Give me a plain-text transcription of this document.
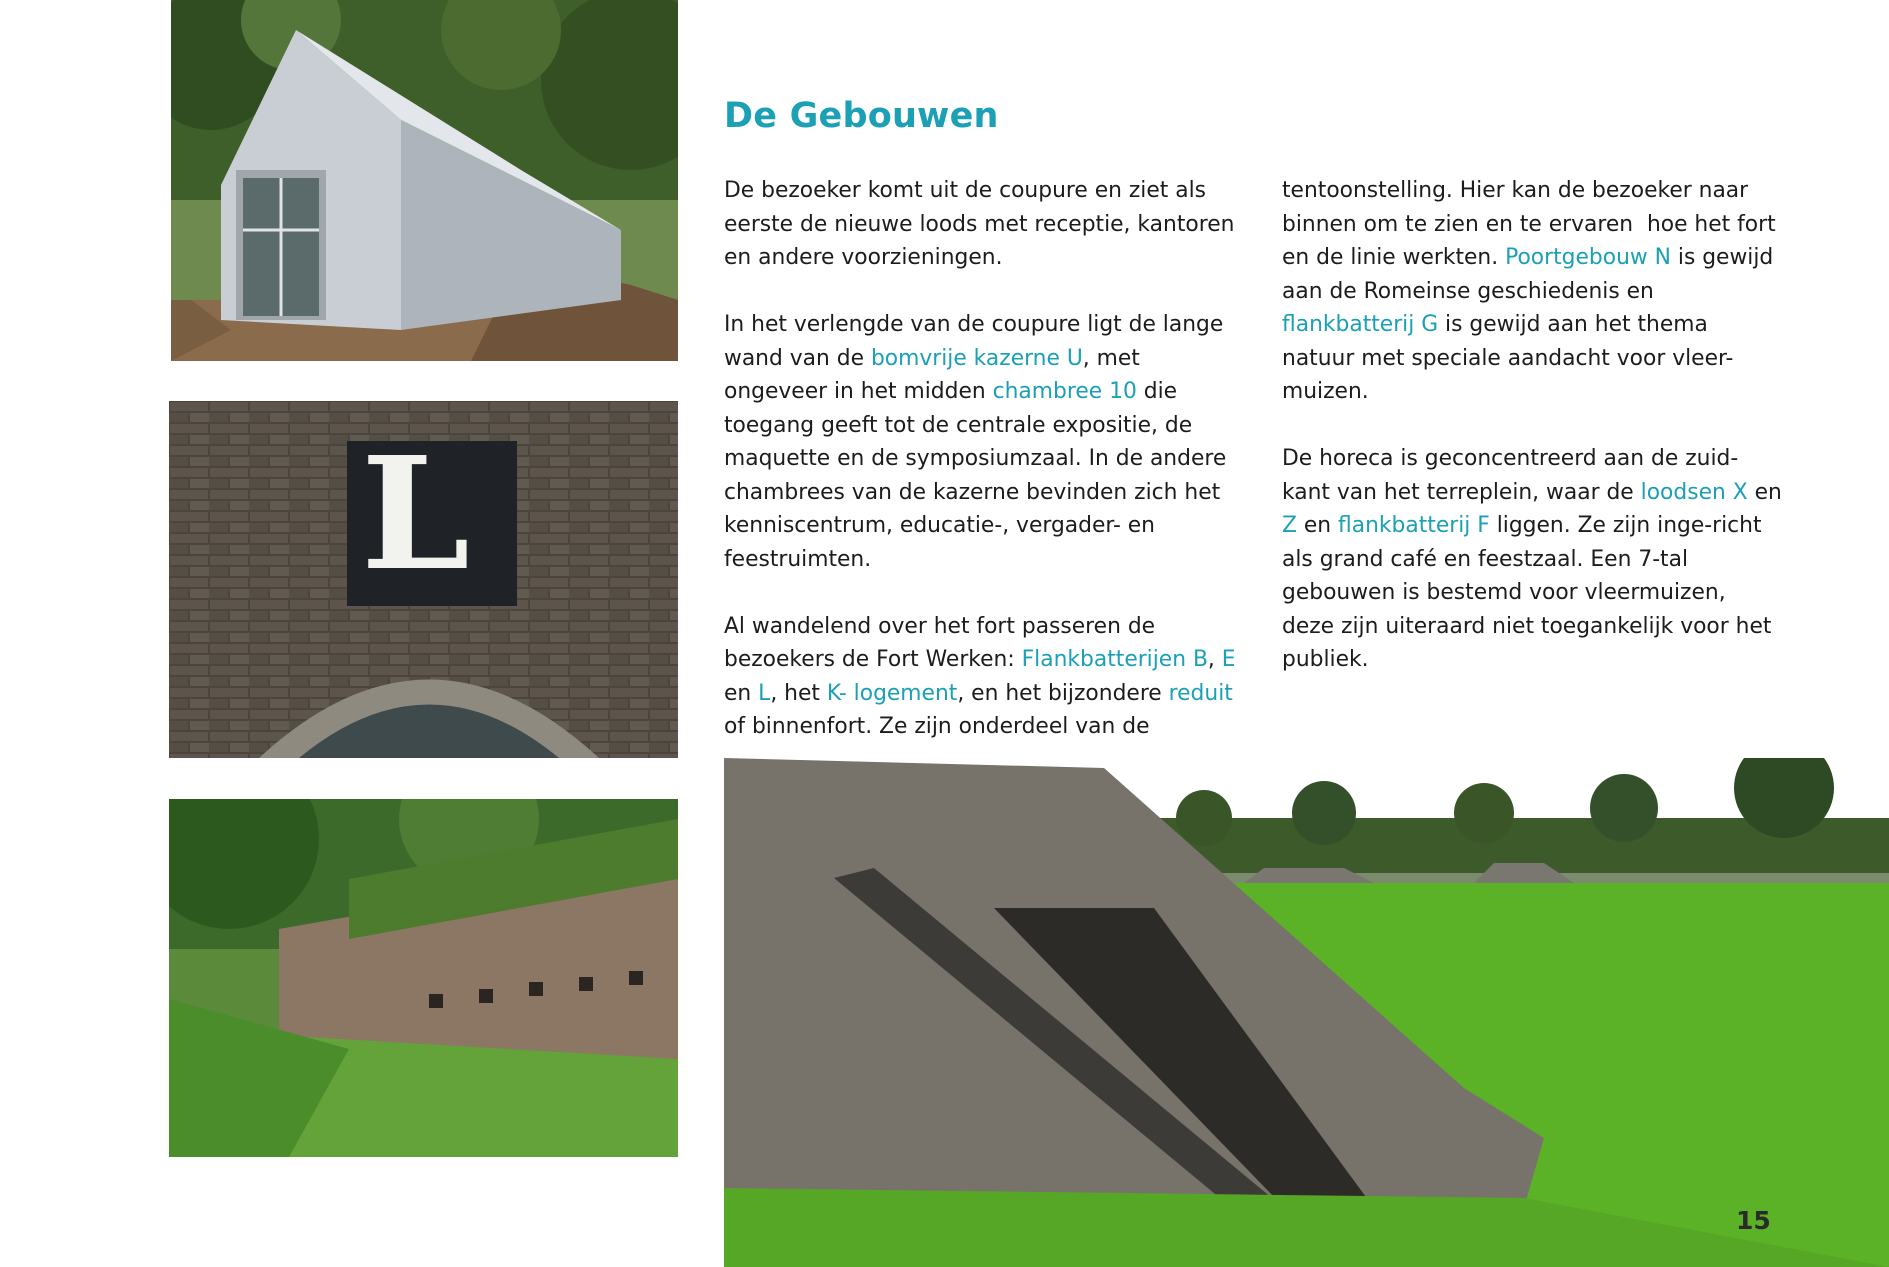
L
De Gebouwen

De bezoeker komt uit de coupure en ziet als eerste de nieuwe loods met receptie, kantoren en andere voorzieningen.

In het verlengde van de coupure ligt de lange wand van de bomvrije kazerne U, met ongeveer in het midden chambree 10 die toegang geeft tot de centrale expositie, de maquette en de symposiumzaal. In de andere chambrees van de kazerne bevinden zich het kenniscentrum, educatie-, vergader- en feestruimten.

Al wandelend over het fort passeren de bezoekers de Fort Werken: Flankbatterijen B, E en L, het K- logement, en het bijzondere reduit of binnenfort. Ze zijn onderdeel van de

tentoonstelling. Hier kan de bezoeker naar binnen om te zien en te ervaren  hoe het fort en de linie werkten. Poortgebouw N is gewijd aan de Romeinse geschiedenis en flankbatterij G is gewijd aan het thema natuur met speciale aandacht voor vleer-muizen.

De horeca is geconcentreerd aan de zuid-kant van het terreplein, waar de loodsen X en Z en flankbatterij F liggen. Ze zijn inge-richt als grand café en feestzaal. Een 7-tal gebouwen is bestemd voor vleermuizen, deze zijn uiteraard niet toegankelijk voor het publiek.

15
